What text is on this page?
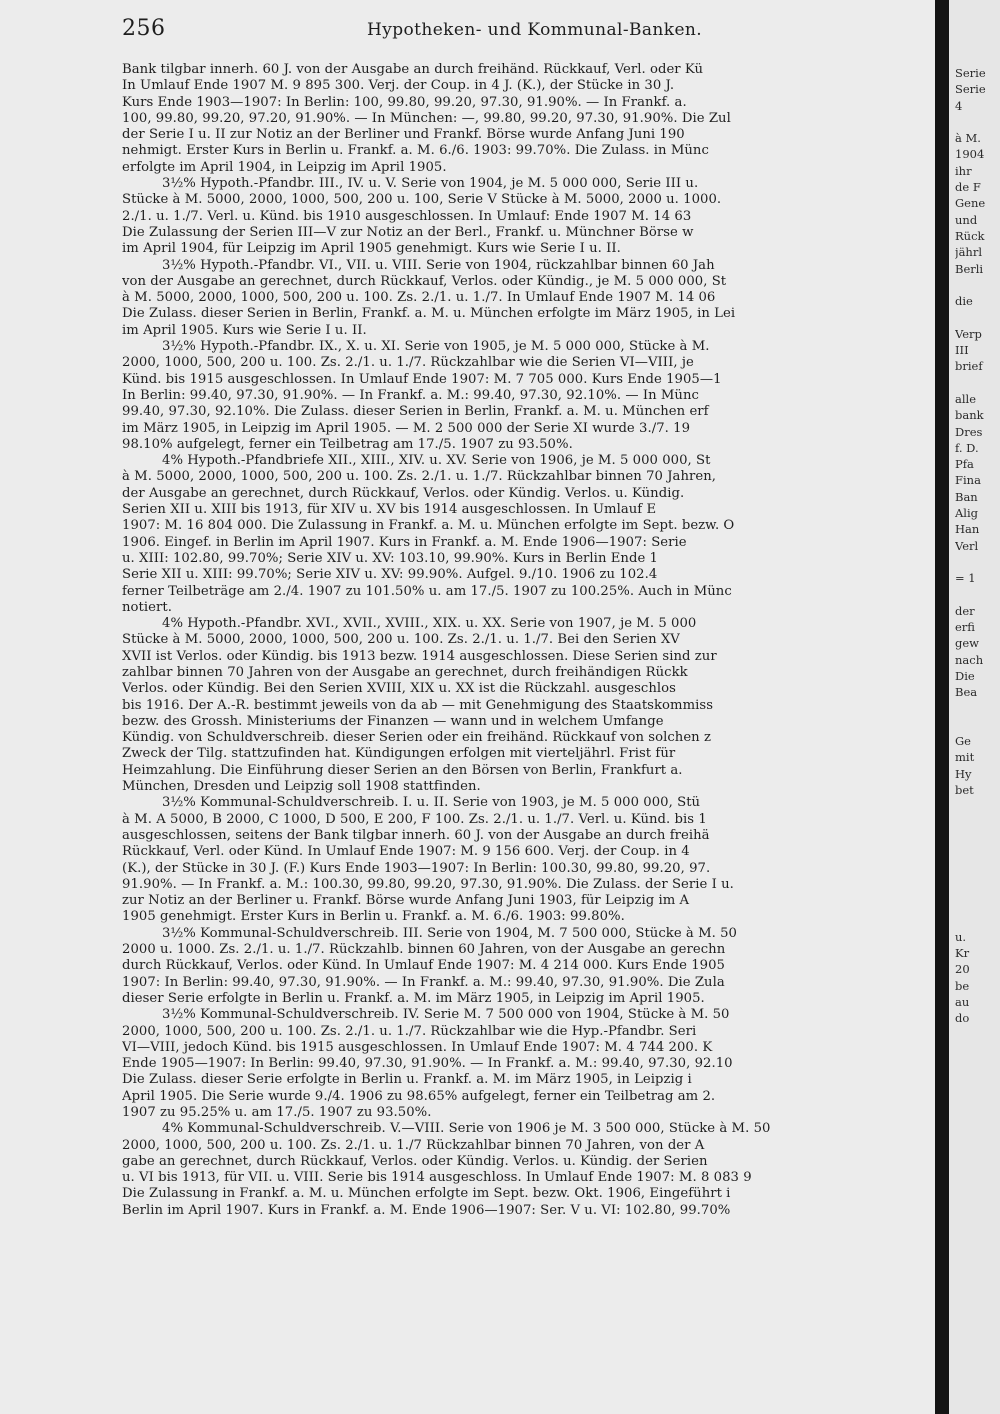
256	Hypotheken- und Kommunal-Banken.
Bank tilgbar innerh. 60 J. von der Ausgabe an durch freihänd. Rückkauf, Verl. oder Kü
In Umlauf Ende 1907 M. 9 895 300. Verj. der Coup. in 4 J. (K.), der Stücke in 30 J.
Kurs Ende 1903—1907: In Berlin: 100, 99.80, 99.20, 97.30, 91.90%. — In Frankf. a.
100, 99.80, 99.20, 97.20, 91.90%. — In München: —, 99.80, 99.20, 97.30, 91.90%. Die Zul
der Serie I u. II zur Notiz an der Berliner und Frankf. Börse wurde Anfang Juni 190
nehmigt. Erster Kurs in Berlin u. Frankf. a. M. 6./6. 1903: 99.70%. Die Zulass. in Münc
erfolgte im April 1904, in Leipzig im April 1905.
3½% Hypoth.-Pfandbr. III., IV. u. V. Serie von 1904, je M. 5 000 000, Serie III u.
Stücke à M. 5000, 2000, 1000, 500, 200 u. 100, Serie V Stücke à M. 5000, 2000 u. 1000.
2./1. u. 1./7. Verl. u. Künd. bis 1910 ausgeschlossen. In Umlauf: Ende 1907 M. 14 63
Die Zulassung der Serien III—V zur Notiz an der Berl., Frankf. u. Münchner Börse w
im April 1904, für Leipzig im April 1905 genehmigt. Kurs wie Serie I u. II.
3½% Hypoth.-Pfandbr. VI., VII. u. VIII. Serie von 1904, rückzahlbar binnen 60 Jah
von der Ausgabe an gerechnet, durch Rückkauf, Verlos. oder Kündig., je M. 5 000 000, St
à M. 5000, 2000, 1000, 500, 200 u. 100. Zs. 2./1. u. 1./7. In Umlauf Ende 1907 M. 14 06
Die Zulass. dieser Serien in Berlin, Frankf. a. M. u. München erfolgte im März 1905, in Lei
im April 1905. Kurs wie Serie I u. II.
3½% Hypoth.-Pfandbr. IX., X. u. XI. Serie von 1905, je M. 5 000 000, Stücke à M.
2000, 1000, 500, 200 u. 100. Zs. 2./1. u. 1./7. Rückzahlbar wie die Serien VI—VIII, je
Künd. bis 1915 ausgeschlossen. In Umlauf Ende 1907: M. 7 705 000. Kurs Ende 1905—1
In Berlin: 99.40, 97.30, 91.90%. — In Frankf. a. M.: 99.40, 97.30, 92.10%. — In Münc
99.40, 97.30, 92.10%. Die Zulass. dieser Serien in Berlin, Frankf. a. M. u. München erf
im März 1905, in Leipzig im April 1905. — M. 2 500 000 der Serie XI wurde 3./7. 19
98.10% aufgelegt, ferner ein Teilbetrag am 17./5. 1907 zu 93.50%.
4% Hypoth.-Pfandbriefe XII., XIII., XIV. u. XV. Serie von 1906, je M. 5 000 000, St
à M. 5000, 2000, 1000, 500, 200 u. 100. Zs. 2./1. u. 1./7. Rückzahlbar binnen 70 Jahren,
der Ausgabe an gerechnet, durch Rückkauf, Verlos. oder Kündig. Verlos. u. Kündig.
Serien XII u. XIII bis 1913, für XIV u. XV bis 1914 ausgeschlossen. In Umlauf E
1907: M. 16 804 000. Die Zulassung in Frankf. a. M. u. München erfolgte im Sept. bezw. O
1906. Eingef. in Berlin im April 1907. Kurs in Frankf. a. M. Ende 1906—1907: Serie
u. XIII: 102.80, 99.70%; Serie XIV u. XV: 103.10, 99.90%. Kurs in Berlin Ende 1
Serie XII u. XIII: 99.70%; Serie XIV u. XV: 99.90%. Aufgel. 9./10. 1906 zu 102.4
ferner Teilbeträge am 2./4. 1907 zu 101.50% u. am 17./5. 1907 zu 100.25%. Auch in Münc
notiert.
4% Hypoth.-Pfandbr. XVI., XVII., XVIII., XIX. u. XX. Serie von 1907, je M. 5 000
Stücke à M. 5000, 2000, 1000, 500, 200 u. 100. Zs. 2./1. u. 1./7. Bei den Serien XV
XVII ist Verlos. oder Kündig. bis 1913 bezw. 1914 ausgeschlossen. Diese Serien sind zur
zahlbar binnen 70 Jahren von der Ausgabe an gerechnet, durch freihändigen Rückk
Verlos. oder Kündig. Bei den Serien XVIII, XIX u. XX ist die Rückzahl. ausgeschlos
bis 1916. Der A.-R. bestimmt jeweils von da ab — mit Genehmigung des Staatskommiss
bezw. des Grossh. Ministeriums der Finanzen — wann und in welchem Umfange
Kündig. von Schuldverschreib. dieser Serien oder ein freihänd. Rückkauf von solchen z
Zweck der Tilg. stattzufinden hat. Kündigungen erfolgen mit vierteljährl. Frist für
Heimzahlung. Die Einführung dieser Serien an den Börsen von Berlin, Frankfurt a.
München, Dresden und Leipzig soll 1908 stattfinden.
3½% Kommunal-Schuldverschreib. I. u. II. Serie von 1903, je M. 5 000 000, Stü
à M. A 5000, B 2000, C 1000, D 500, E 200, F 100. Zs. 2./1. u. 1./7. Verl. u. Künd. bis 1
ausgeschlossen, seitens der Bank tilgbar innerh. 60 J. von der Ausgabe an durch freihä
Rückkauf, Verl. oder Künd. In Umlauf Ende 1907: M. 9 156 600. Verj. der Coup. in 4
(K.), der Stücke in 30 J. (F.) Kurs Ende 1903—1907: In Berlin: 100.30, 99.80, 99.20, 97.
91.90%. — In Frankf. a. M.: 100.30, 99.80, 99.20, 97.30, 91.90%. Die Zulass. der Serie I u.
zur Notiz an der Berliner u. Frankf. Börse wurde Anfang Juni 1903, für Leipzig im A
1905 genehmigt. Erster Kurs in Berlin u. Frankf. a. M. 6./6. 1903: 99.80%.
3½% Kommunal-Schuldverschreib. III. Serie von 1904, M. 7 500 000, Stücke à M. 50
2000 u. 1000. Zs. 2./1. u. 1./7. Rückzahlb. binnen 60 Jahren, von der Ausgabe an gerechn
durch Rückkauf, Verlos. oder Künd. In Umlauf Ende 1907: M. 4 214 000. Kurs Ende 1905
1907: In Berlin: 99.40, 97.30, 91.90%. — In Frankf. a. M.: 99.40, 97.30, 91.90%. Die Zula
dieser Serie erfolgte in Berlin u. Frankf. a. M. im März 1905, in Leipzig im April 1905.
3½% Kommunal-Schuldverschreib. IV. Serie M. 7 500 000 von 1904, Stücke à M. 50
2000, 1000, 500, 200 u. 100. Zs. 2./1. u. 1./7. Rückzahlbar wie die Hyp.-Pfandbr. Seri
VI—VIII, jedoch Künd. bis 1915 ausgeschlossen. In Umlauf Ende 1907: M. 4 744 200. K
Ende 1905—1907: In Berlin: 99.40, 97.30, 91.90%. — In Frankf. a. M.: 99.40, 97.30, 92.10
Die Zulass. dieser Serie erfolgte in Berlin u. Frankf. a. M. im März 1905, in Leipzig i
April 1905. Die Serie wurde 9./4. 1906 zu 98.65% aufgelegt, ferner ein Teilbetrag am 2.
1907 zu 95.25% u. am 17./5. 1907 zu 93.50%.
4% Kommunal-Schuldverschreib. V.—VIII. Serie von 1906 je M. 3 500 000, Stücke à M. 50
2000, 1000, 500, 200 u. 100. Zs. 2./1. u. 1./7 Rückzahlbar binnen 70 Jahren, von der A
gabe an gerechnet, durch Rückkauf, Verlos. oder Kündig. Verlos. u. Kündig. der Serien
u. VI bis 1913, für VII. u. VIII. Serie bis 1914 ausgeschloss. In Umlauf Ende 1907: M. 8 083 9
Die Zulassung in Frankf. a. M. u. München erfolgte im Sept. bezw. Okt. 1906, Eingeführt i
Berlin im April 1907. Kurs in Frankf. a. M. Ende 1906—1907: Ser. V u. VI: 102.80, 99.70%
Serie
Serie
4
à M.
1904
ihr
de F
Gene
und
Rück
jährl
Berli
die
Verp
III
brief
alle
bank
Dres
f. D.
Pfa
Fina
Ban
Alig
Han
Verl
= 1
der
erfi
gew
nach
Die
Bea
Ge
mit
Hy
bet
u.
Kr
20
be
au
do
